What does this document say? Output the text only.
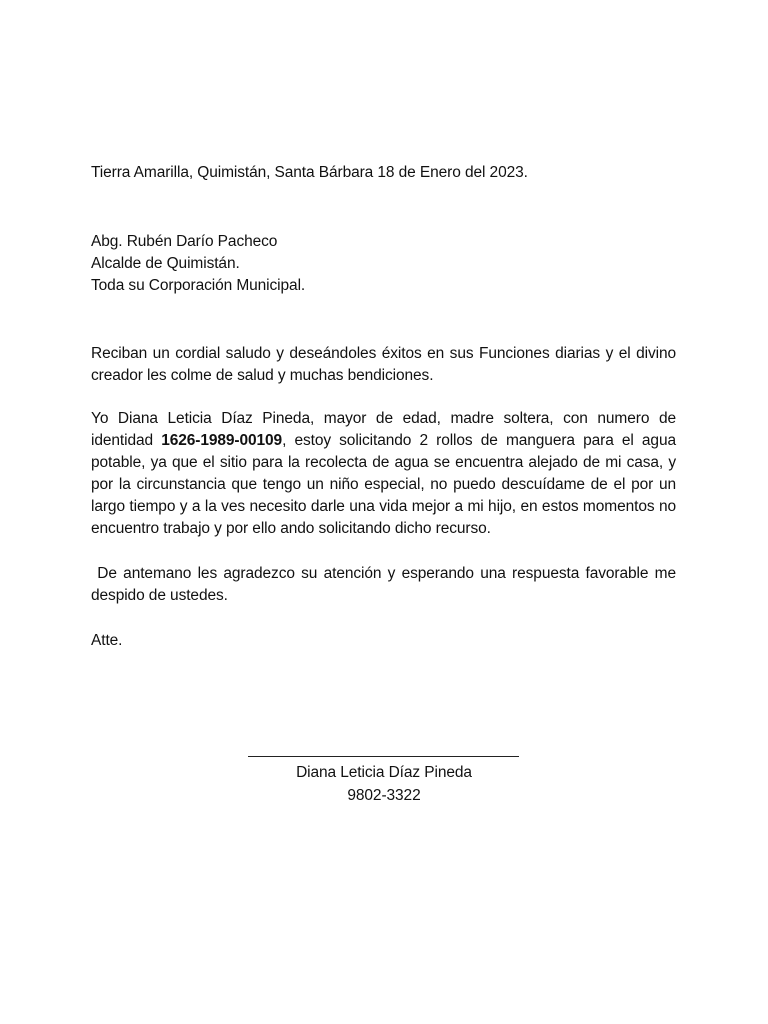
Tierra Amarilla, Quimistán, Santa Bárbara 18 de Enero del 2023.
Abg. Rubén Darío Pacheco
Alcalde de Quimistán.
Toda su Corporación Municipal.
Reciban un cordial saludo y deseándoles éxitos en sus Funciones diarias y el divino creador les colme de salud y muchas bendiciones.
Yo Diana Leticia Díaz Pineda, mayor de edad, madre soltera, con numero de identidad 1626-1989-00109, estoy solicitando 2 rollos de manguera para el agua potable, ya que el sitio para la recolecta de agua se encuentra alejado de mi casa, y por la circunstancia que tengo un niño especial, no puedo descuídame de el por un largo tiempo y a la ves necesito darle una vida mejor a mi hijo, en estos momentos no encuentro trabajo y por ello ando solicitando dicho recurso.
De antemano les agradezco su atención y esperando una respuesta favorable me despido de ustedes.
Atte.
Diana Leticia Díaz Pineda
9802-3322
